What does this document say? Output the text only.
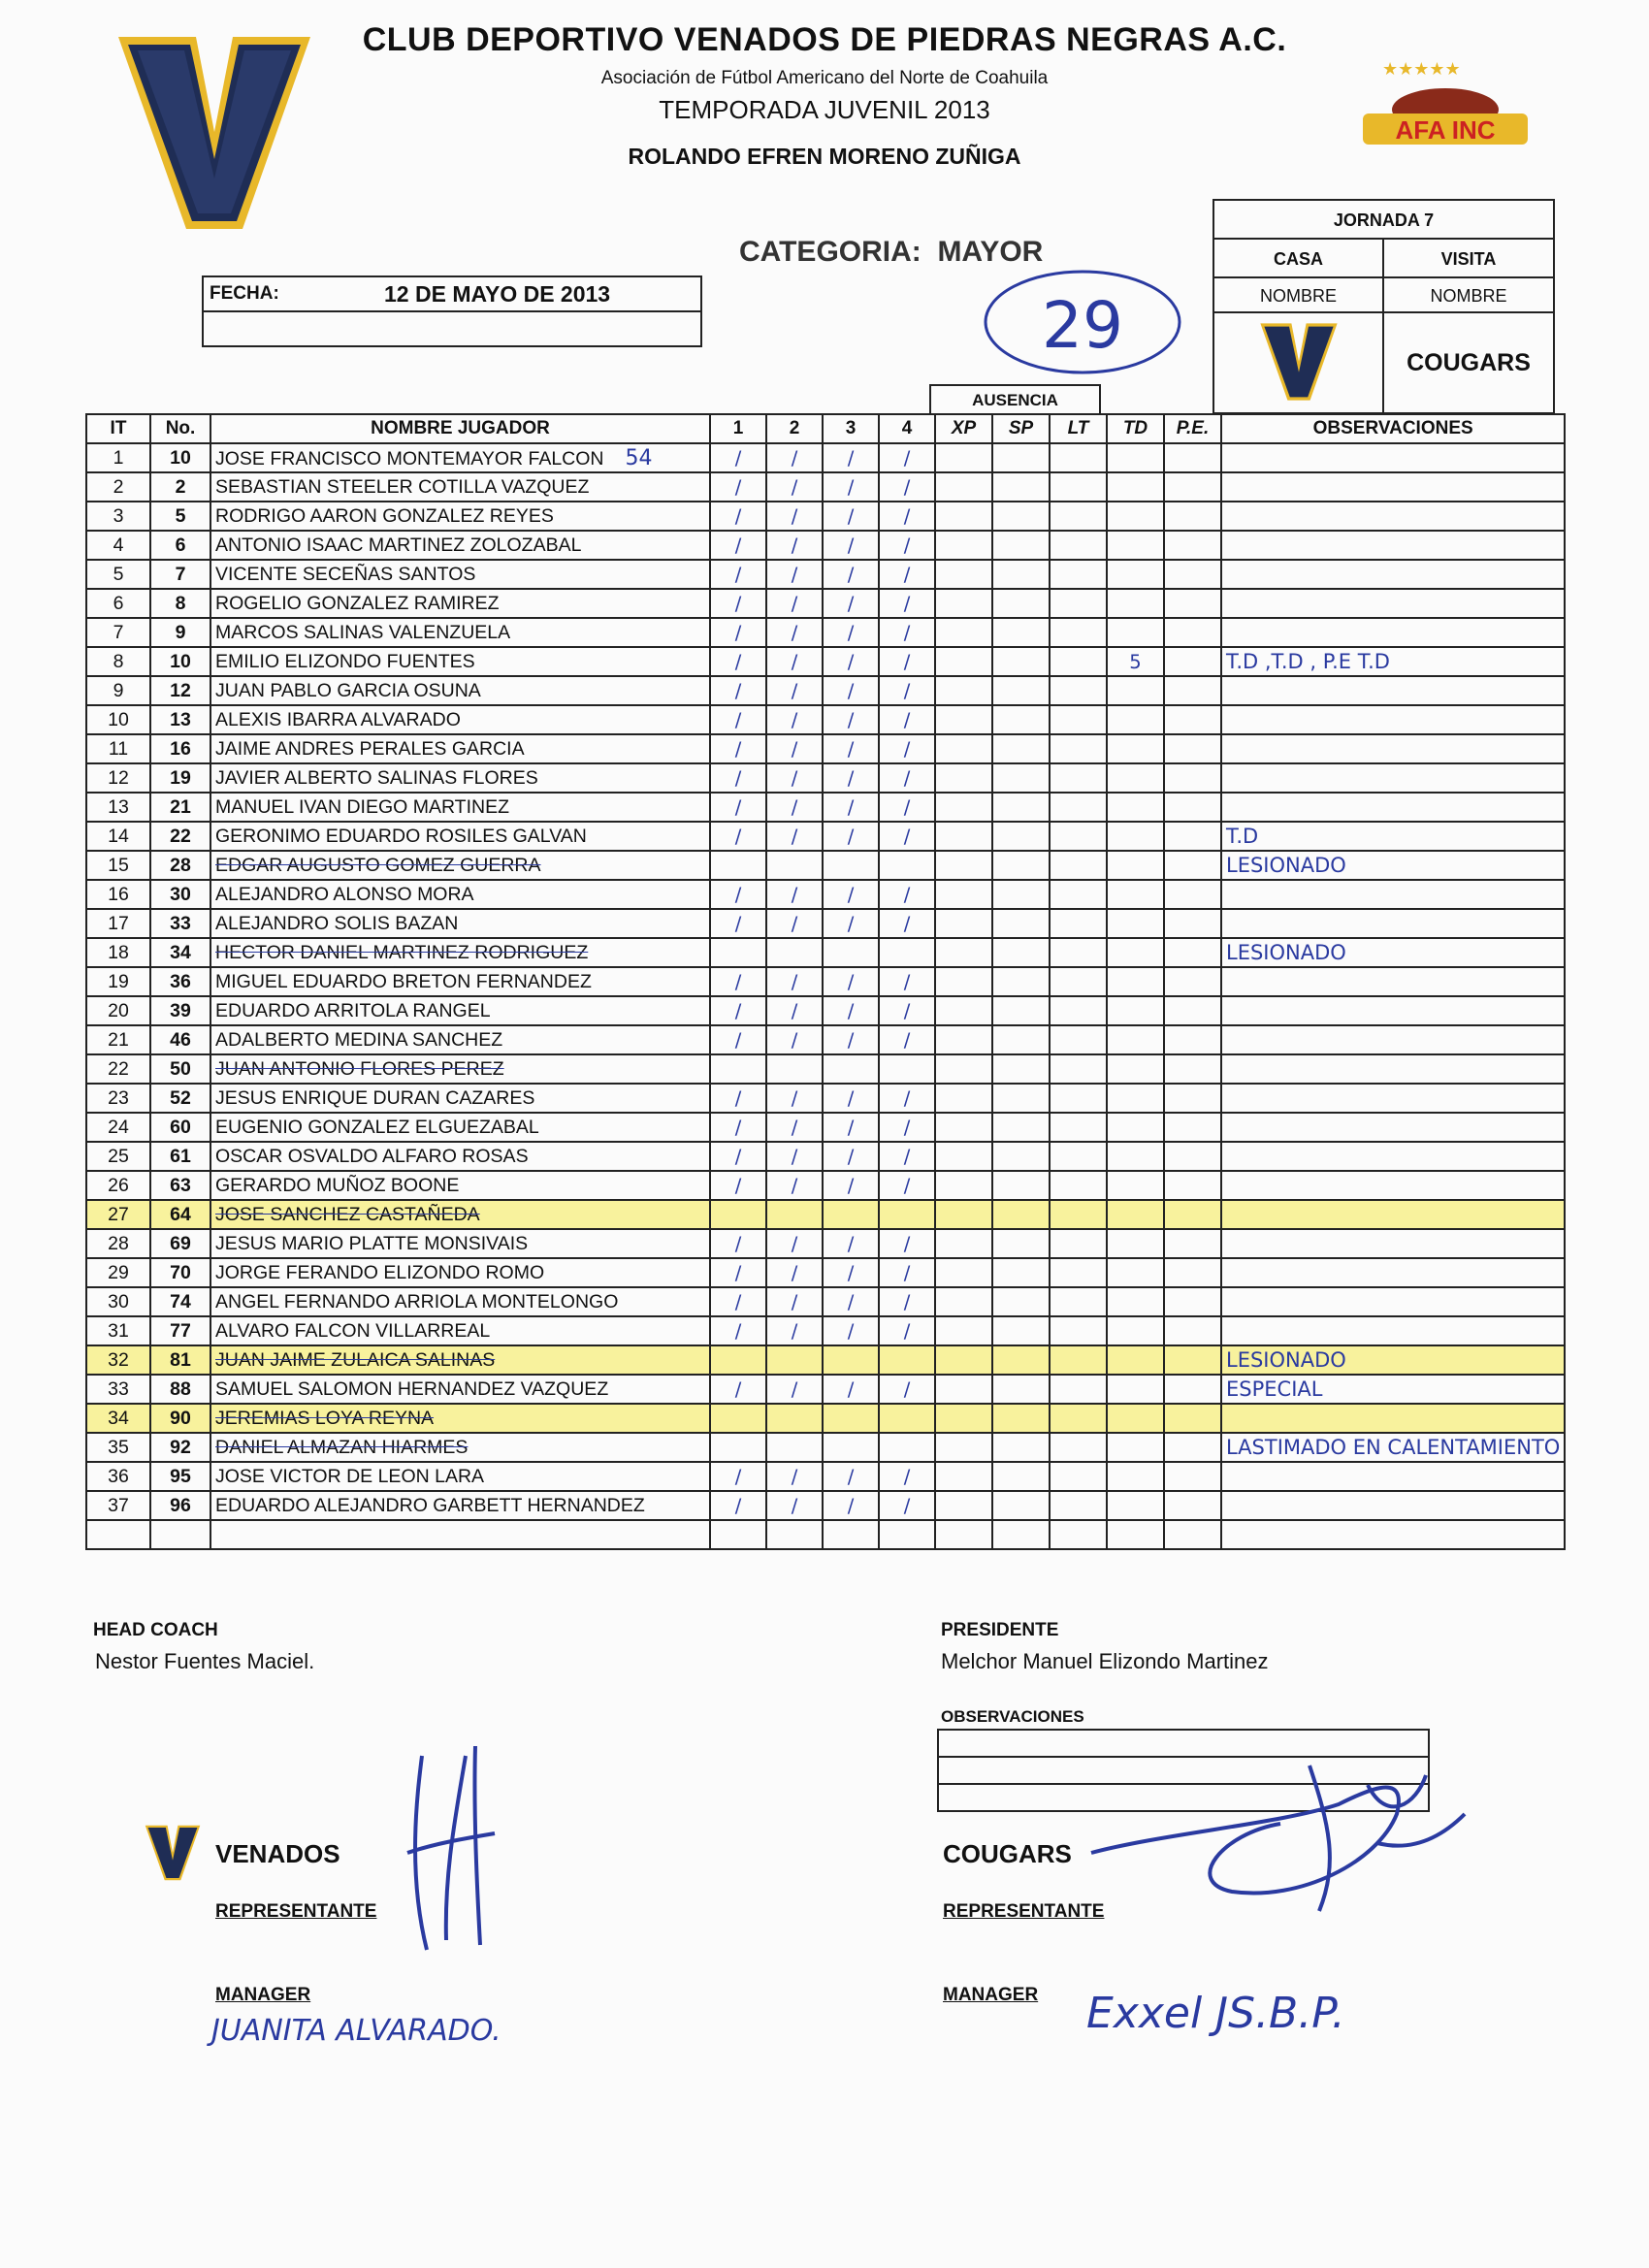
CLUB DEPORTIVO VENADOS DE PIEDRAS NEGRAS A.C.
Asociación de Fútbol Americano del Norte de Coahuila
TEMPORADA JUVENIL 2013
ROLANDO EFREN MORENO ZUÑIGA
★★★★★
AFA INC
CATEGORIA: MAYOR
29
FECHA:	12 DE MAYO DE 2013
JORNADA 7
CASA	VISITA
NOMBRE	NOMBRE
COUGARS
AUSENCIA
IT	No.	NOMBRE JUGADOR	1	2	3	4	XP	SP	LT	TD	P.E.	OBSERVACIONES
1	10	JOSE FRANCISCO MONTEMAYOR FALCON 54	/	/	/	/						
2	2	SEBASTIAN STEELER COTILLA VAZQUEZ	/	/	/	/						
3	5	RODRIGO AARON GONZALEZ REYES	/	/	/	/						
4	6	ANTONIO ISAAC MARTINEZ ZOLOZABAL	/	/	/	/						
5	7	VICENTE SECEÑAS SANTOS	/	/	/	/						
6	8	ROGELIO GONZALEZ RAMIREZ	/	/	/	/						
7	9	MARCOS SALINAS VALENZUELA	/	/	/	/						
8	10	EMILIO ELIZONDO FUENTES	/	/	/	/				5		T.D ,T.D , P.E T.D
9	12	JUAN PABLO GARCIA OSUNA	/	/	/	/						
10	13	ALEXIS IBARRA ALVARADO	/	/	/	/						
11	16	JAIME ANDRES PERALES GARCIA	/	/	/	/						
12	19	JAVIER ALBERTO SALINAS FLORES	/	/	/	/						
13	21	MANUEL IVAN DIEGO MARTINEZ	/	/	/	/						
14	22	GERONIMO EDUARDO ROSILES GALVAN	/	/	/	/						T.D
15	28	EDGAR AUGUSTO GOMEZ GUERRA										LESIONADO
16	30	ALEJANDRO ALONSO MORA	/	/	/	/						
17	33	ALEJANDRO SOLIS BAZAN	/	/	/	/						
18	34	HECTOR DANIEL MARTINEZ RODRIGUEZ										LESIONADO
19	36	MIGUEL EDUARDO BRETON FERNANDEZ	/	/	/	/						
20	39	EDUARDO ARRITOLA RANGEL	/	/	/	/						
21	46	ADALBERTO MEDINA SANCHEZ	/	/	/	/						
22	50	JUAN ANTONIO FLORES PEREZ										
23	52	JESUS ENRIQUE DURAN CAZARES	/	/	/	/						
24	60	EUGENIO GONZALEZ ELGUEZABAL	/	/	/	/						
25	61	OSCAR OSVALDO ALFARO ROSAS	/	/	/	/						
26	63	GERARDO MUÑOZ BOONE	/	/	/	/						
27	64	JOSE SANCHEZ CASTAÑEDA										
28	69	JESUS MARIO PLATTE MONSIVAIS	/	/	/	/						
29	70	JORGE FERANDO ELIZONDO ROMO	/	/	/	/						
30	74	ANGEL FERNANDO ARRIOLA MONTELONGO	/	/	/	/						
31	77	ALVARO FALCON VILLARREAL	/	/	/	/						
32	81	JUAN JAIME ZULAICA SALINAS										LESIONADO
33	88	SAMUEL SALOMON HERNANDEZ VAZQUEZ	/	/	/	/						ESPECIAL
34	90	JEREMIAS LOYA REYNA										
35	92	DANIEL ALMAZAN HIARMES										LASTIMADO EN CALENTAMIENTO
36	95	JOSE VICTOR DE LEON LARA	/	/	/	/						
37	96	EDUARDO ALEJANDRO GARBETT HERNANDEZ	/	/	/	/						

HEAD COACH
Nestor Fuentes Maciel.
PRESIDENTE
Melchor Manuel Elizondo Martinez
OBSERVACIONES
VENADOS
REPRESENTANTE
MANAGER
JUANITA ALVARADO.
COUGARS
REPRESENTANTE
MANAGER Exxel JS.B.P.
